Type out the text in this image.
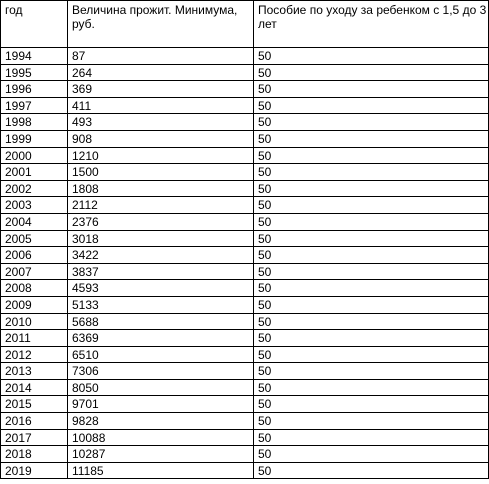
год	Величина прожит. Минимума, руб.	Пособие по уходу за ребенком с 1,5 до 3 лет
1994	87	50
1995	264	50
1996	369	50
1997	411	50
1998	493	50
1999	908	50
2000	1210	50
2001	1500	50
2002	1808	50
2003	2112	50
2004	2376	50
2005	3018	50
2006	3422	50
2007	3837	50
2008	4593	50
2009	5133	50
2010	5688	50
2011	6369	50
2012	6510	50
2013	7306	50
2014	8050	50
2015	9701	50
2016	9828	50
2017	10088	50
2018	10287	50
2019	11185	50
